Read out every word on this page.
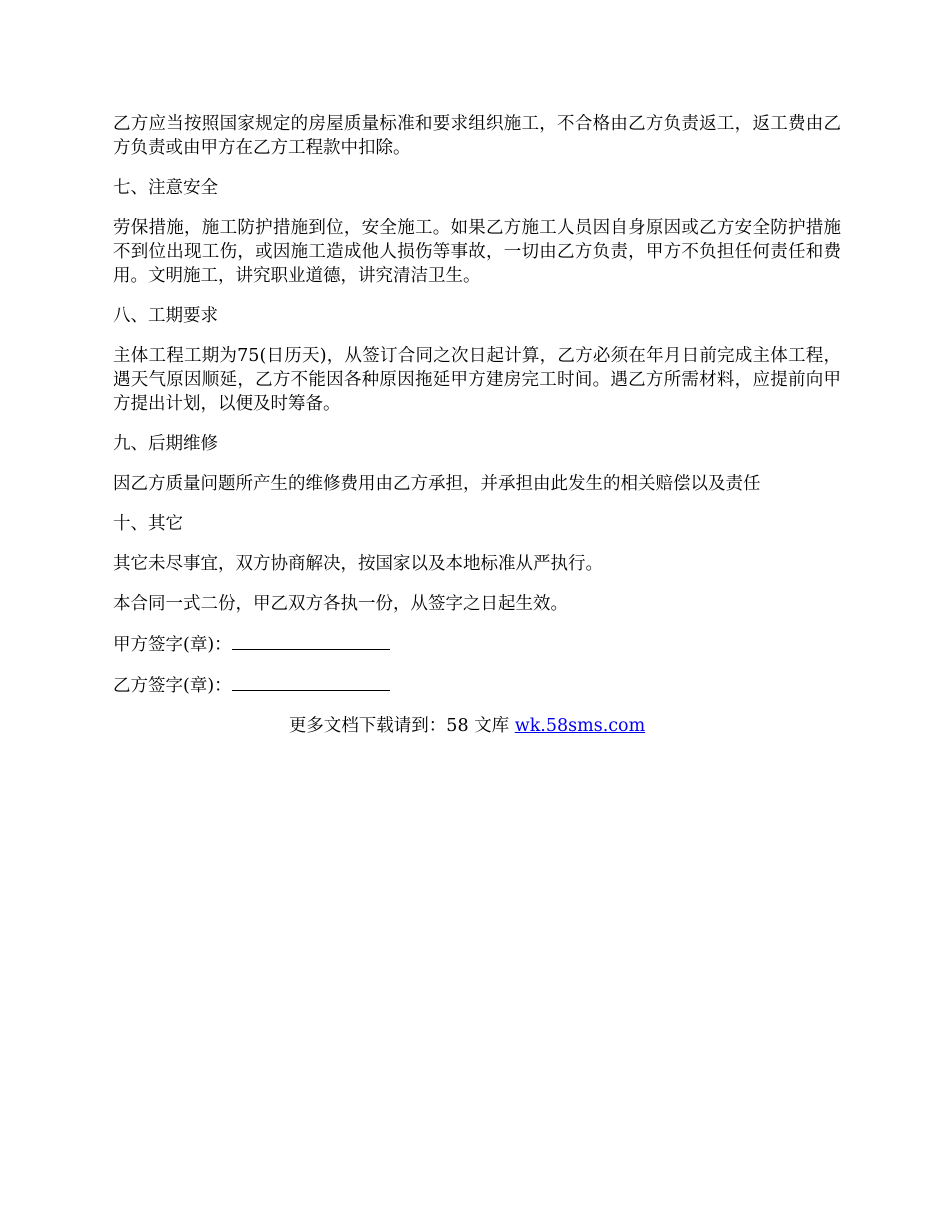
乙方应当按照国家规定的房屋质量标准和要求组织施工，不合格由乙方负责返工，返工费由乙方负责或由甲方在乙方工程款中扣除。

七、注意安全

劳保措施，施工防护措施到位，安全施工。如果乙方施工人员因自身原因或乙方安全防护措施不到位出现工伤，或因施工造成他人损伤等事故，一切由乙方负责，甲方不负担任何责任和费用。文明施工，讲究职业道德，讲究清洁卫生。

八、工期要求

主体工程工期为75(日历天)，从签订合同之次日起计算，乙方必须在年月日前完成主体工程，遇天气原因顺延，乙方不能因各种原因拖延甲方建房完工时间。遇乙方所需材料，应提前向甲方提出计划，以便及时筹备。

九、后期维修

因乙方质量问题所产生的维修费用由乙方承担，并承担由此发生的相关赔偿以及责任

十、其它

其它未尽事宜，双方协商解决，按国家以及本地标准从严执行。

本合同一式二份，甲乙双方各执一份，从签字之日起生效。

甲方签字(章)：

乙方签字(章)：

更多文档下载请到：58 文库 wk.58sms.com
